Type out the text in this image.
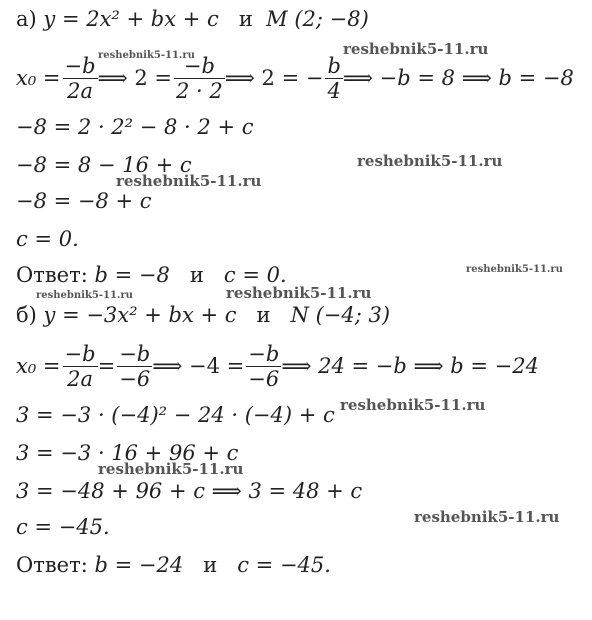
а) y = 2x² + bx + c и M (2; −8)
$x_0 = \frac{-b}{2a}$ ⟹ $2 = \frac{-b}{2 \cdot 2}$ ⟹ 2 = − $\frac{b}{4}$ ⟹ −b = 8 ⟹ b = −8
−8 = 2 · 2² − 8 · 2 + c
−8 = 8 − 16 + c
−8 = −8 + c
c = 0.
Ответ: b = −8 и c = 0.
б) y = −3x² + bx + c и N (−4; 3)
$x_0 = \frac{-b}{2a} = \frac{-b}{-6}$ ⟹ $-4 = \frac{-b}{-6}$ ⟹ 24 = −b ⟹ b = −24
3 = −3 · (−4)² − 24 · (−4) + c
3 = −3 · 16 + 96 + c
3 = −48 + 96 + c ⟹ 3 = 48 + c
c = −45.
Ответ: b = −24 и c = −45.
reshebnik5-11.ru	reshebnik5-11.ru
reshebnik5-11.ru
reshebnik5-11.ru
reshebnik5-11.ru
reshebnik5-11.ru	reshebnik5-11.ru
reshebnik5-11.ru
reshebnik5-11.ru
reshebnik5-11.ru
